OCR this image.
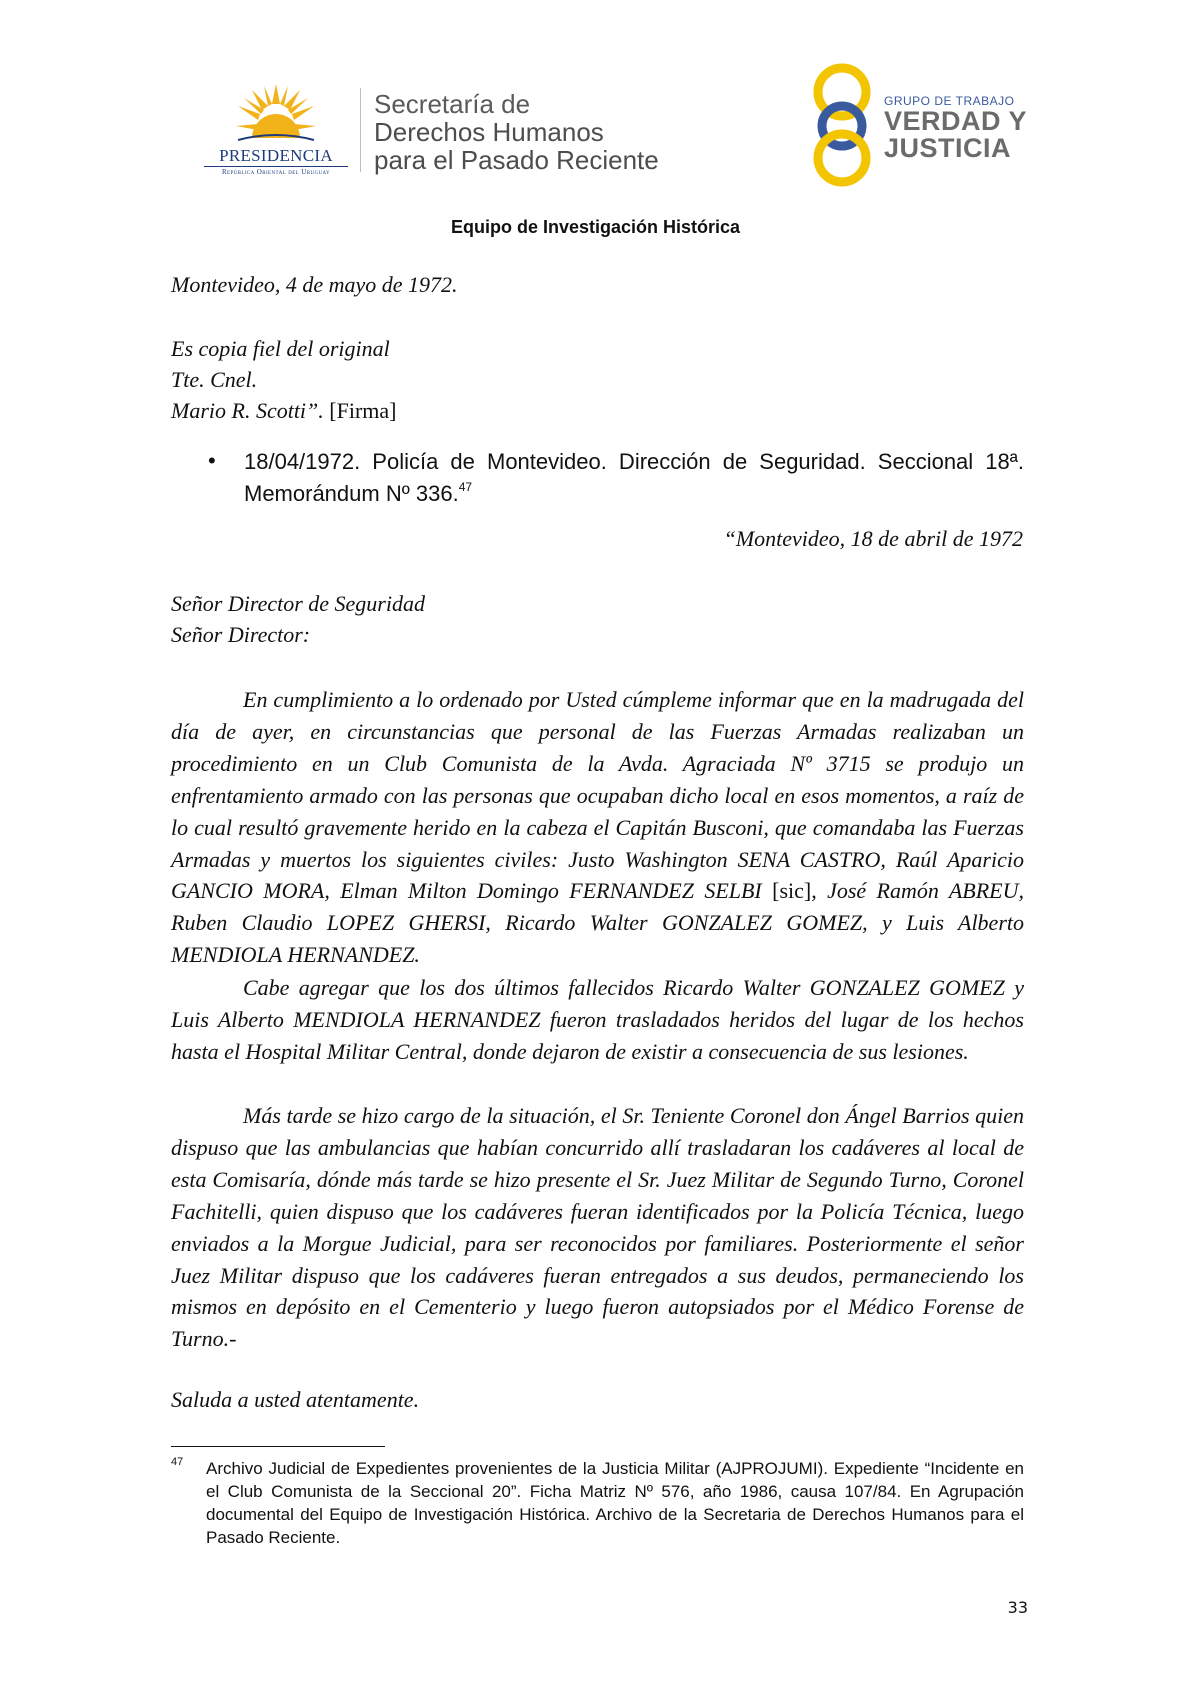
PRESIDENCIA
República Oriental del Uruguay
Secretaría de
Derechos Humanos
para el Pasado Reciente
GRUPO DE TRABAJO
VERDAD Y
JUSTICIA
Equipo de Investigación Histórica
Montevideo, 4 de mayo de 1972.
Es copia fiel del original
Tte. Cnel.
Mario R. Scotti”. [Firma]
• 18/04/1972. Policía de Montevideo. Dirección de Seguridad. Seccional 18ª. Memorándum Nº 336.47
“Montevideo, 18 de abril de 1972
Señor Director de Seguridad
Señor Director:
En cumplimiento a lo ordenado por Usted cúmpleme informar que en la madrugada del día de ayer, en circunstancias que personal de las Fuerzas Armadas realizaban un procedimiento en un Club Comunista de la Avda. Agraciada Nº 3715 se produjo un enfrentamiento armado con las personas que ocupaban dicho local en esos momentos, a raíz de lo cual resultó gravemente herido en la cabeza el Capitán Busconi, que comandaba las Fuerzas Armadas y muertos los siguientes civiles: Justo Washington SENA CASTRO, Raúl Aparicio GANCIO MORA, Elman Milton Domingo FERNANDEZ SELBI [sic], José Ramón ABREU, Ruben Claudio LOPEZ GHERSI, Ricardo Walter GONZALEZ GOMEZ, y Luis Alberto MENDIOLA HERNANDEZ.
Cabe agregar que los dos últimos fallecidos Ricardo Walter GONZALEZ GOMEZ y Luis Alberto MENDIOLA HERNANDEZ fueron trasladados heridos del lugar de los hechos hasta el Hospital Militar Central, donde dejaron de existir a consecuencia de sus lesiones.
Más tarde se hizo cargo de la situación, el Sr. Teniente Coronel don Ángel Barrios quien dispuso que las ambulancias que habían concurrido allí trasladaran los cadáveres al local de esta Comisaría, dónde más tarde se hizo presente el Sr. Juez Militar de Segundo Turno, Coronel Fachitelli, quien dispuso que los cadáveres fueran identificados por la Policía Técnica, luego enviados a la Morgue Judicial, para ser reconocidos por familiares. Posteriormente el señor Juez Militar dispuso que los cadáveres fueran entregados a sus deudos, permaneciendo los mismos en depósito en el Cementerio y luego fueron autopsiados por el Médico Forense de Turno.-
Saluda a usted atentamente.
47 Archivo Judicial de Expedientes provenientes de la Justicia Militar (AJPROJUMI). Expediente “Incidente en el Club Comunista de la Seccional 20”. Ficha Matriz Nº 576, año 1986, causa 107/84. En Agrupación documental del Equipo de Investigación Histórica. Archivo de la Secretaria de Derechos Humanos para el Pasado Reciente.
33
